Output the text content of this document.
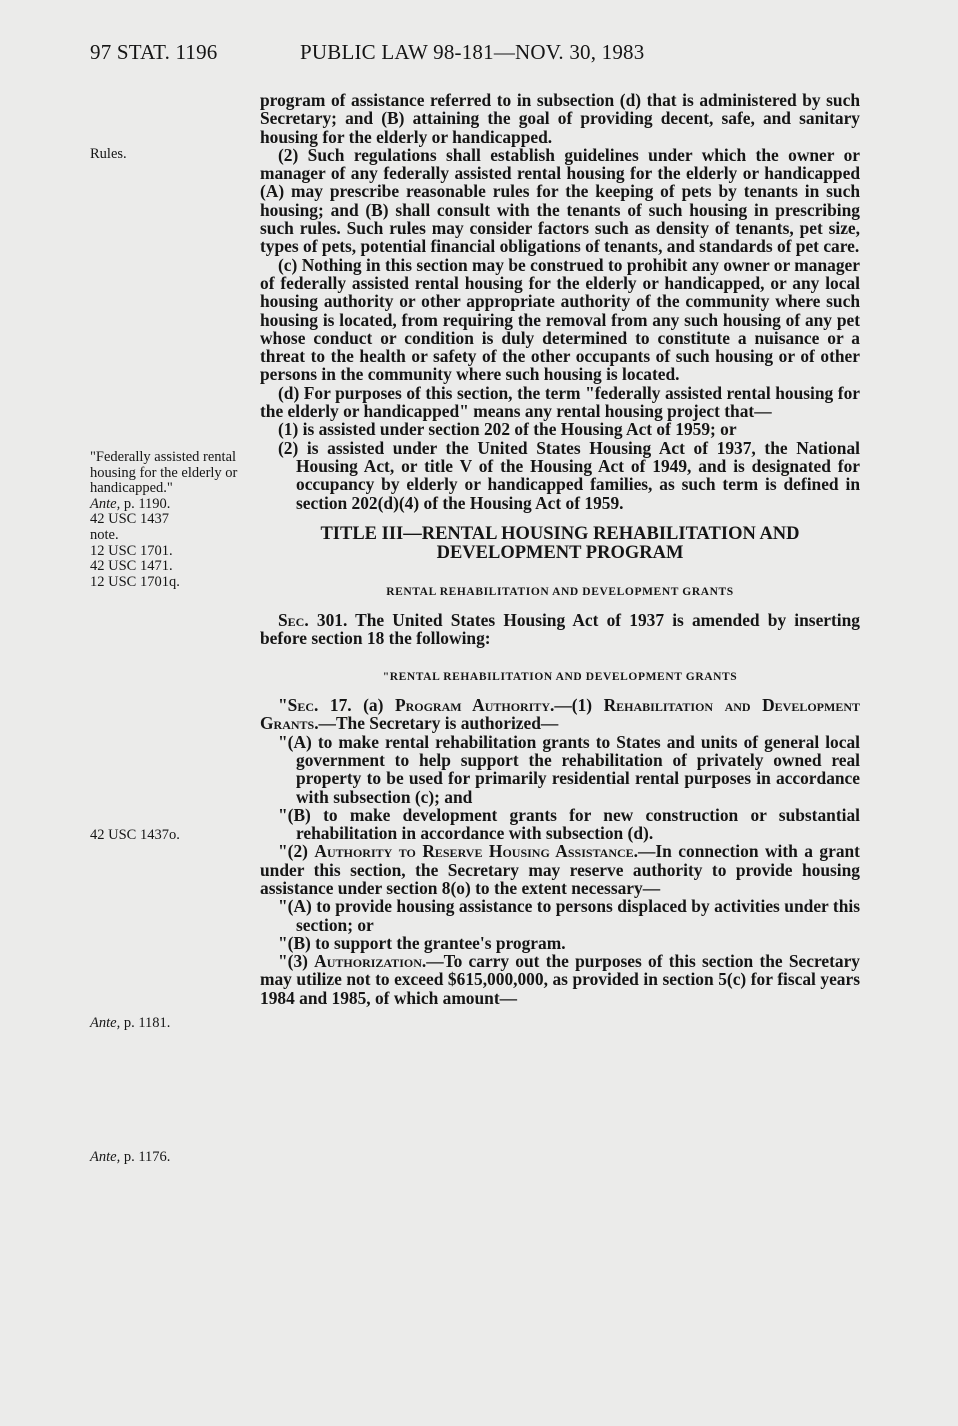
97 STAT. 1196	PUBLIC LAW 98-181—NOV. 30, 1983
Rules.
"Federally assisted rental housing for the elderly or handicapped."
Ante, p. 1190.
42 USC 1437
note.
12 USC 1701.
42 USC 1471.
12 USC 1701q.
42 USC 1437o.
Ante, p. 1181.
Ante, p. 1176.

program of assistance referred to in subsection (d) that is administered by such Secretary; and (B) attaining the goal of providing decent, safe, and sanitary housing for the elderly or handicapped.

(2) Such regulations shall establish guidelines under which the owner or manager of any federally assisted rental housing for the elderly or handicapped (A) may prescribe reasonable rules for the keeping of pets by tenants in such housing; and (B) shall consult with the tenants of such housing in prescribing such rules. Such rules may consider factors such as density of tenants, pet size, types of pets, potential financial obligations of tenants, and standards of pet care.

(c) Nothing in this section may be construed to prohibit any owner or manager of federally assisted rental housing for the elderly or handicapped, or any local housing authority or other appropriate authority of the community where such housing is located, from requiring the removal from any such housing of any pet whose conduct or condition is duly determined to constitute a nuisance or a threat to the health or safety of the other occupants of such housing or of other persons in the community where such housing is located.

(d) For purposes of this section, the term "federally assisted rental housing for the elderly or handicapped" means any rental housing project that—

(1) is assisted under section 202 of the Housing Act of 1959; or

(2) is assisted under the United States Housing Act of 1937, the National Housing Act, or title V of the Housing Act of 1949, and is designated for occupancy by elderly or handicapped families, as such term is defined in section 202(d)(4) of the Housing Act of 1959.

TITLE III—RENTAL HOUSING REHABILITATION AND DEVELOPMENT PROGRAM

RENTAL REHABILITATION AND DEVELOPMENT GRANTS

Sec. 301. The United States Housing Act of 1937 is amended by inserting before section 18 the following:

"RENTAL REHABILITATION AND DEVELOPMENT GRANTS

"Sec. 17. (a) Program Authority.—(1) Rehabilitation and Development Grants.—The Secretary is authorized—

"(A) to make rental rehabilitation grants to States and units of general local government to help support the rehabilitation of privately owned real property to be used for primarily residential rental purposes in accordance with subsection (c); and

"(B) to make development grants for new construction or substantial rehabilitation in accordance with subsection (d).

"(2) Authority to Reserve Housing Assistance.—In connection with a grant under this section, the Secretary may reserve authority to provide housing assistance under section 8(o) to the extent necessary—

"(A) to provide housing assistance to persons displaced by activities under this section; or

"(B) to support the grantee's program.

"(3) Authorization.—To carry out the purposes of this section the Secretary may utilize not to exceed $615,000,000, as provided in section 5(c) for fiscal years 1984 and 1985, of which amount—
